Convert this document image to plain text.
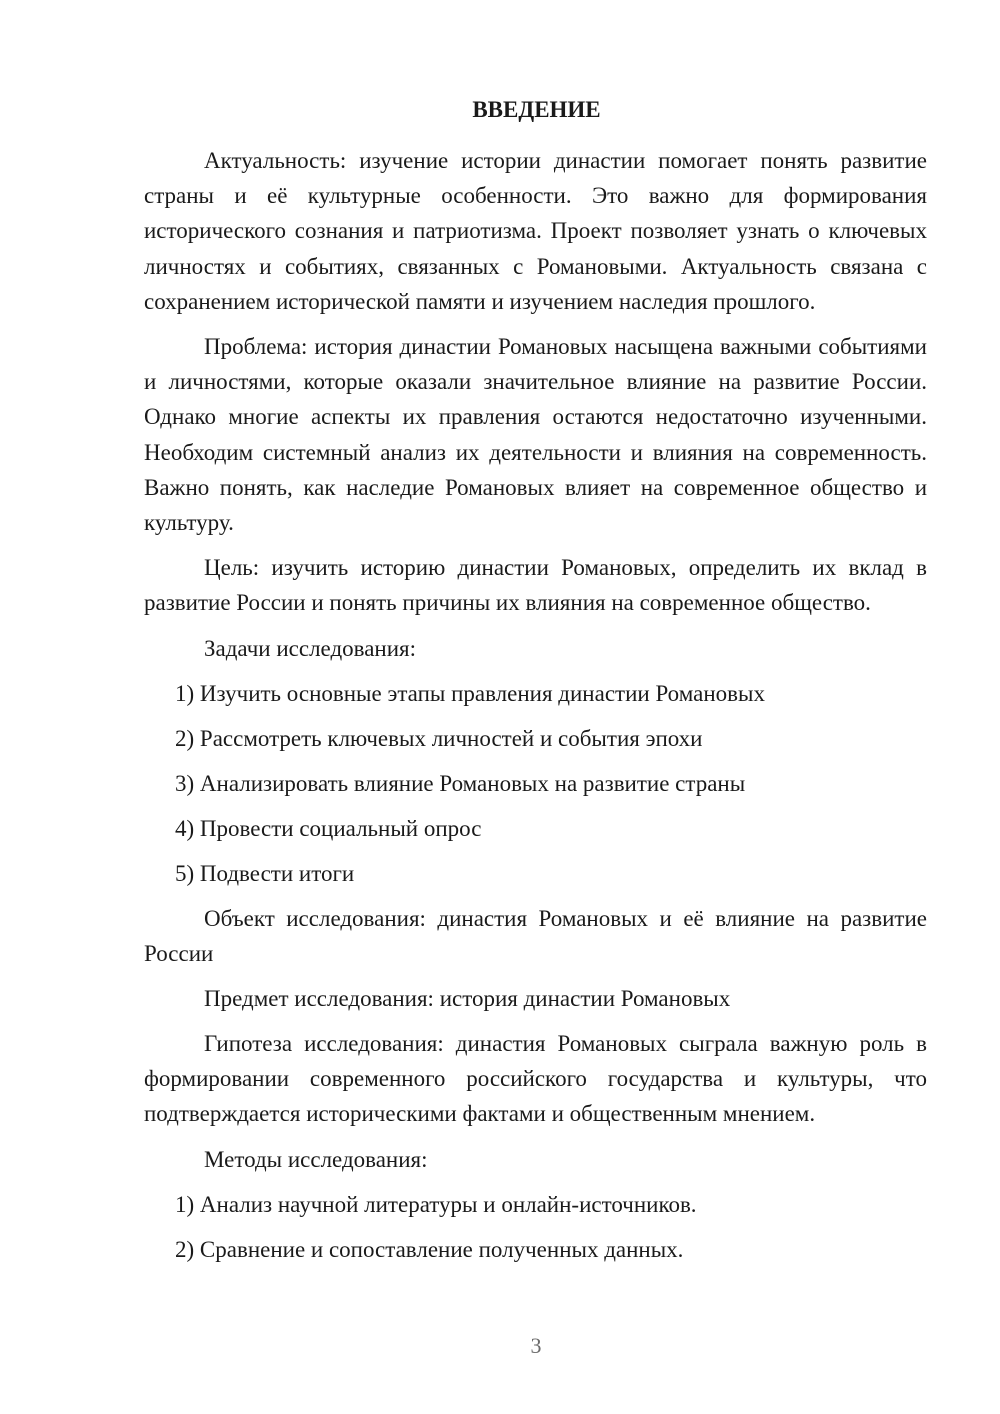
ВВЕДЕНИЕ

Актуальность: изучение истории династии помогает понять развитие страны и её культурные особенности. Это важно для формирования исторического сознания и патриотизма. Проект позволяет узнать о ключевых личностях и событиях, связанных с Романовыми. Актуальность связана с сохранением исторической памяти и изучением наследия прошлого.

Проблема: история династии Романовых насыщена важными событиями и личностями, которые оказали значительное влияние на развитие России. Однако многие аспекты их правления остаются недостаточно изученными. Необходим системный анализ их деятельности и влияния на современность. Важно понять, как наследие Романовых влияет на современное общество и культуру.

Цель: изучить историю династии Романовых, определить их вклад в развитие России и понять причины их влияния на современное общество.

Задачи исследования:
1) Изучить основные этапы правления династии Романовых
2) Рассмотреть ключевых личностей и события эпохи
3) Анализировать влияние Романовых на развитие страны
4) Провести социальный опрос
5) Подвести итоги

Объект исследования: династия Романовых и её влияние на развитие России

Предмет исследования: история династии Романовых

Гипотеза исследования: династия Романовых сыграла важную роль в формировании современного российского государства и культуры, что подтверждается историческими фактами и общественным мнением.

Методы исследования:
1) Анализ научной литературы и онлайн-источников.
2) Сравнение и сопоставление полученных данных.
3
